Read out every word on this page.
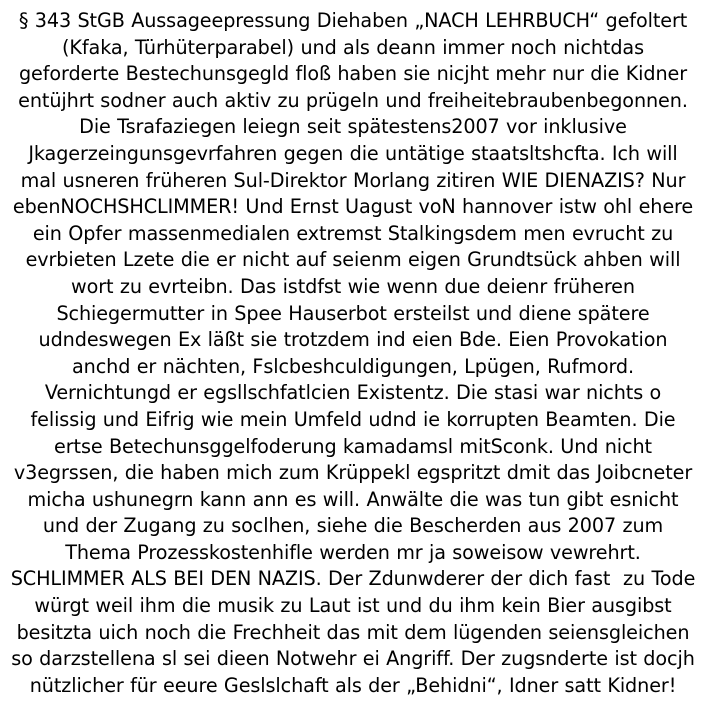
§ 343 StGB Aussageepressung Diehaben „NACH LEHRBUCH“ gefoltert (Kfaka, Türhüterparabel) und als deann immer noch nichtdas geforderte Bestechunsgegld floß haben sie nicjht mehr nur die Kidner entüjhrt sodner auch aktiv zu prügeln und freiheitebraubenbegonnen. Die Tsrafaziegen leiegn seit spätestens2007 vor inklusive Jkagerzeingunsgevrfahren gegen die untätige staatsltshcfta. Ich will mal usneren früheren Sul-Direktor Morlang zitiren WIE DIENAZIS? Nur ebenNOCHSHCLIMMER! Und Ernst Uagust voN hannover istw ohl ehere ein Opfer massenmedialen extremst Stalkingsdem men evrucht zu evrbieten Lzete die er nicht auf seienm eigen Grundtsück ahben will wort zu evrteibn. Das istdfst wie wenn due deienr früheren Schiegermutter in Spee Hauserbot ersteilst und diene spätere udndeswegen Ex läßt sie trotzdem ind eien Bde. Eien Provokation anchd er nächten, Fslcbeshculdigungen, Lpügen, Rufmord. Vernichtungd er egsllschfatlcien Existentz. Die stasi war nichts o felissig und Eifrig wie mein Umfeld udnd ie korrupten Beamten. Die ertse Betechunsggelfoderung kamadamsl mitSconk. Und nicht v3egrssen, die haben mich zum Krüppekl egspritzt dmit das Joibcneter micha ushunegrn kann ann es will. Anwälte die was tun gibt esnicht und der Zugang zu soclhen, siehe die Bescherden aus 2007 zum Thema Prozesskostenhifle werden mr ja soweisow vewrehrt. SCHLIMMER ALS BEI DEN NAZIS. Der Zdunwderer der dich fast  zu Tode würgt weil ihm die musik zu Laut ist und du ihm kein Bier ausgibst besitzta uich noch die Frechheit das mit dem lügenden seiensgleichen so darzstellena sl sei dieen Notwehr ei Angriff. Der zugsnderte ist docjh nützlicher für eeure Geslslchaft als der „Behidni“, Idner satt Kidner!
